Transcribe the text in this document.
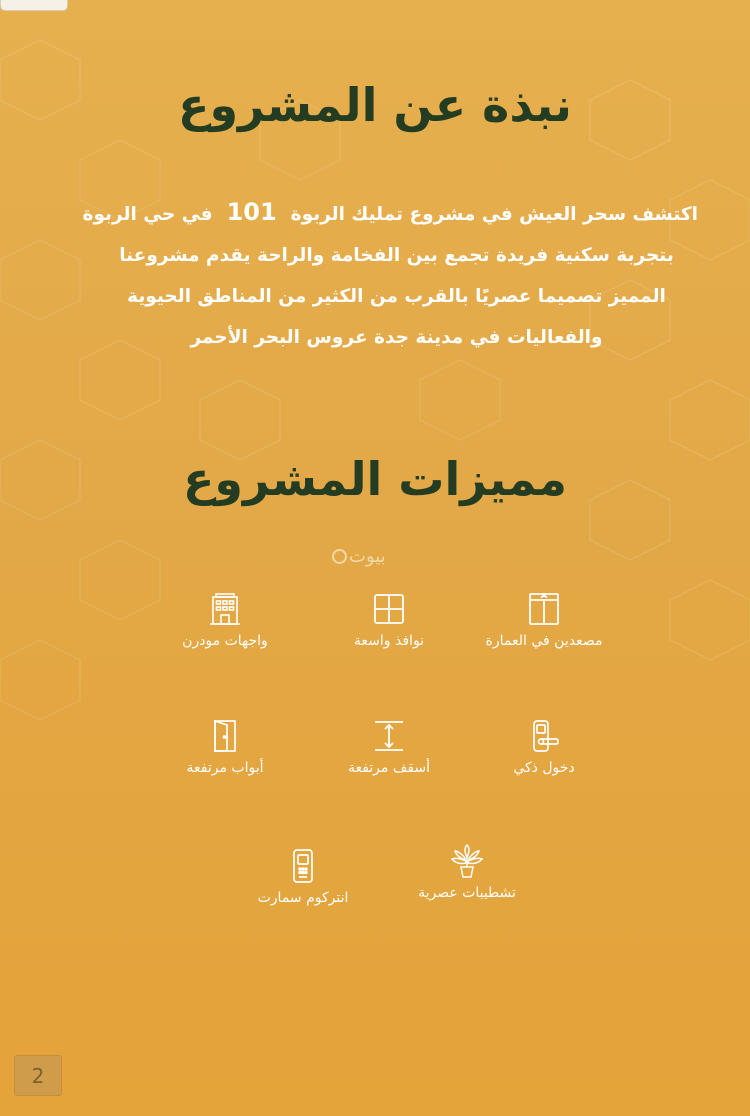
نبذة عن المشروع
اكتشف سحر العيش في مشروع تمليك الربوة101في حي الربوة
بتجربة سكنية فريدة تجمع بين الفخامة والراحة يقدم مشروعنا
المميز تصميما عصريًا بالقرب من الكثير من المناطق الحيوية
والفعاليات في مدينة جدة عروس البحر الأحمر
مميزات المشروع
بيوت
مصعدين في العمارة
نوافذ واسعة
واجهات مودرن
دخول ذكي
أسقف مرتفعة
أبواب مرتفعة
تشطيبات عصرية
انتركوم سمارت
2
